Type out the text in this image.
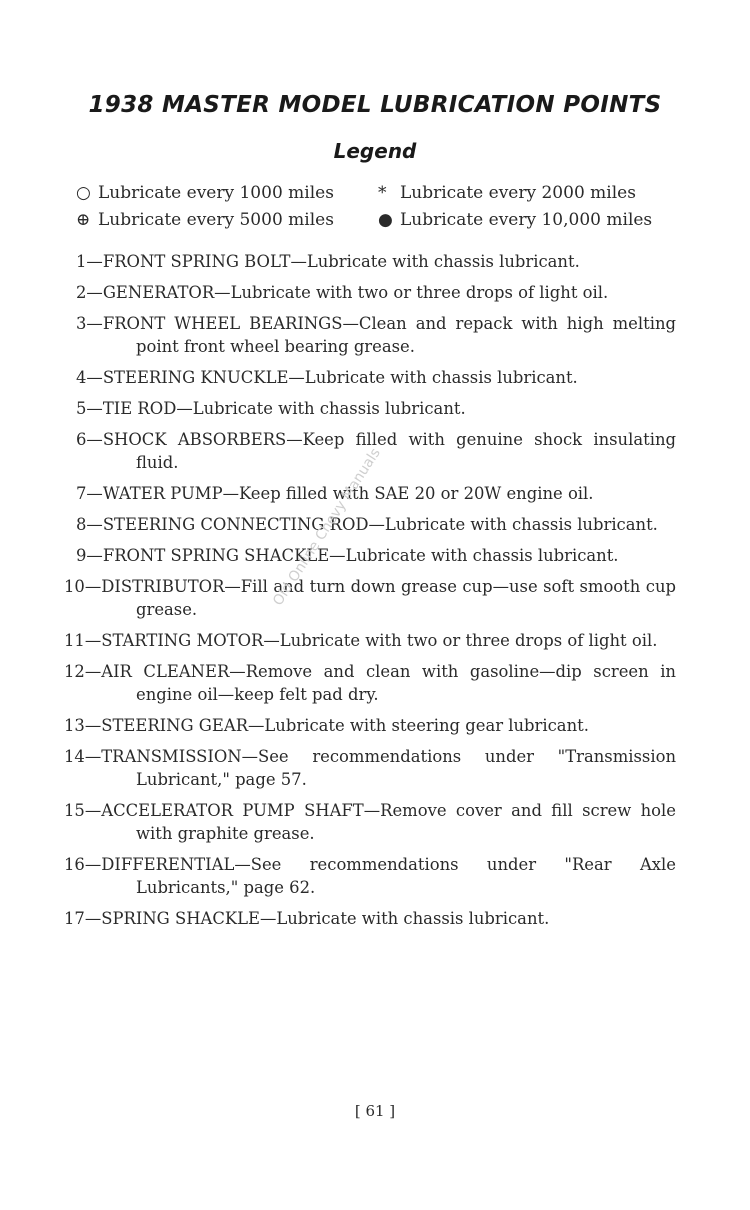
1938 MASTER MODEL LUBRICATION POINTS
Legend
○ Lubricate every 1000 miles	* Lubricate every 2000 miles
⊕ Lubricate every 5000 miles	● Lubricate every 10,000 miles
1—FRONT SPRING BOLT—Lubricate with chassis lubricant.
2—GENERATOR—Lubricate with two or three drops of light oil.
3—FRONT WHEEL BEARINGS—Clean and repack with high melting point front wheel bearing grease.
4—STEERING KNUCKLE—Lubricate with chassis lubricant.
5—TIE ROD—Lubricate with chassis lubricant.
6—SHOCK ABSORBERS—Keep filled with genuine shock insulating fluid.
7—WATER PUMP—Keep filled with SAE 20 or 20W engine oil.
8—STEERING CONNECTING ROD—Lubricate with chassis lubricant.
9—FRONT SPRING SHACKLE—Lubricate with chassis lubricant.
10—DISTRIBUTOR—Fill and turn down grease cup—use soft smooth cup grease.
11—STARTING MOTOR—Lubricate with two or three drops of light oil.
12—AIR CLEANER—Remove and clean with gasoline—dip screen in engine oil—keep felt pad dry.
13—STEERING GEAR—Lubricate with steering gear lubricant.
14—TRANSMISSION—See recommendations under "Transmission Lubricant," page 57.
15—ACCELERATOR PUMP SHAFT—Remove cover and fill screw hole with graphite grease.
16—DIFFERENTIAL—See recommendations under "Rear Axle Lubricants," page 62.
17—SPRING SHACKLE—Lubricate with chassis lubricant.
[ 61 ]
Old Online Chevy Manuals
